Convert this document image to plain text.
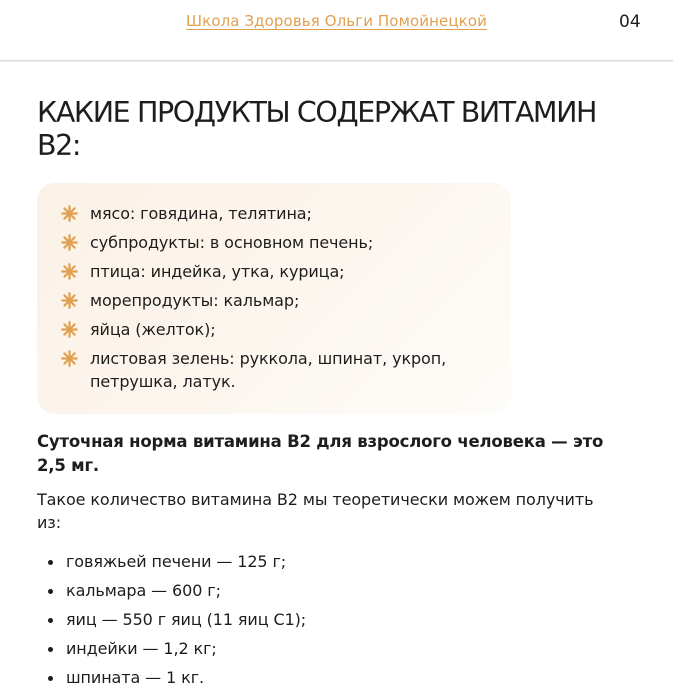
Школа Здоровья Ольги Помойнецкой	04
КАКИЕ ПРОДУКТЫ СОДЕРЖАТ ВИТАМИН В2:
мясо: говядина, телятина;
субпродукты: в основном печень;
птица: индейка, утка, курица;
морепродукты: кальмар;
яйца (желток);
листовая зелень: руккола, шпинат, укроп, петрушка, латук.

Суточная норма витамина В2 для взрослого человека — это 2,5 мг.

Такое количество витамина В2 мы теоретически можем получить из:

говяжьей печени — 125 г;
кальмара — 600 г;
яиц — 550 г яиц (11 яиц С1);
индейки — 1,2 кг;
шпината — 1 кг.
